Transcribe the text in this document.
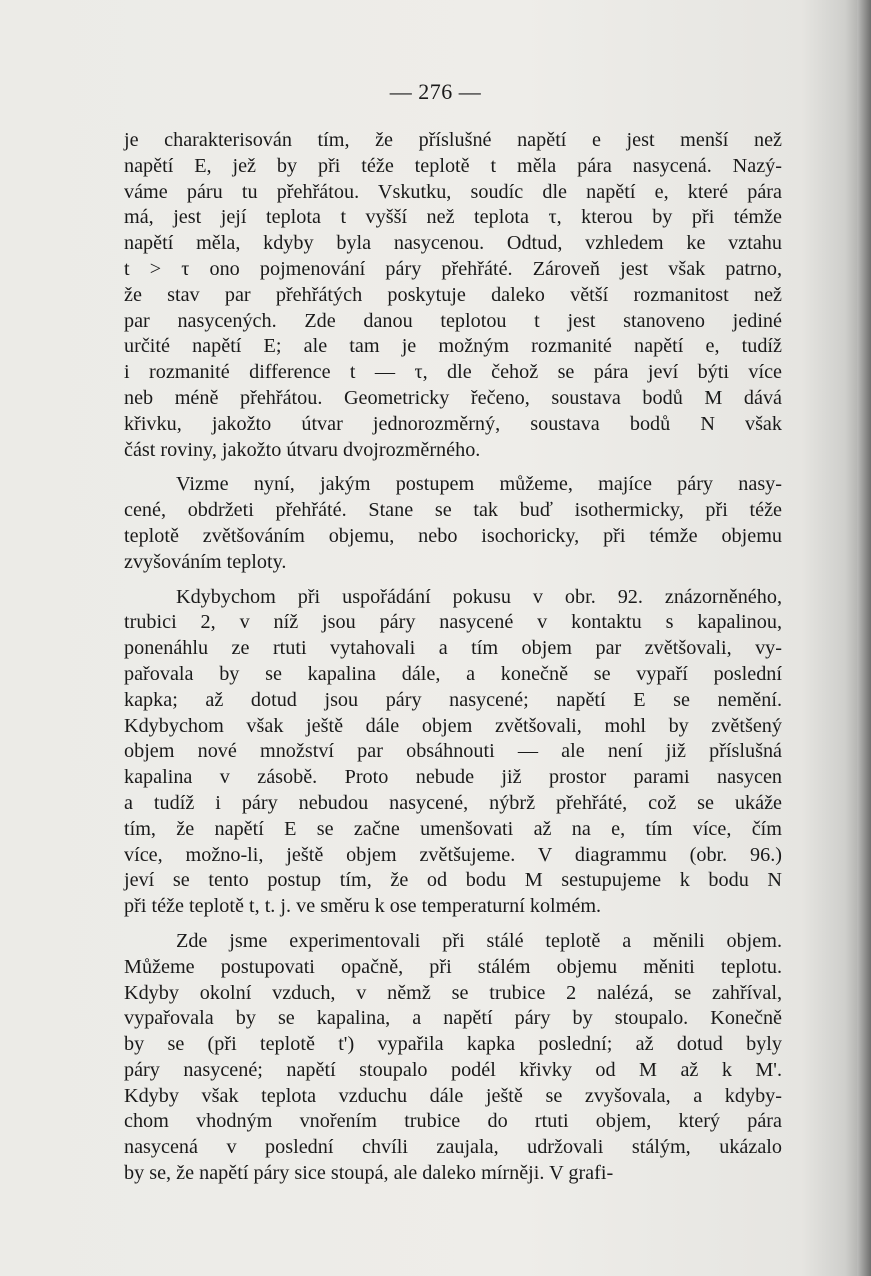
— 276 —

je charakterisován tím, že příslušné napětí e jest menší než
napětí E, jež by při téže teplotě t měla pára nasycená. Nazý-
váme páru tu přehřátou. Vskutku, soudíc dle napětí e, které pára
má, jest její teplota t vyšší než teplota τ, kterou by při témže
napětí měla, kdyby byla nasycenou. Odtud, vzhledem ke vztahu
t > τ ono pojmenování páry přehřáté. Zároveň jest však patrno,
že stav par přehřátých poskytuje daleko větší rozmanitost než
par nasycených. Zde danou teplotou t jest stanoveno jediné
určité napětí E; ale tam je možným rozmanité napětí e, tudíž
i rozmanité difference t — τ, dle čehož se pára jeví býti více
neb méně přehřátou. Geometricky řečeno, soustava bodů M dává
křivku, jakožto útvar jednorozměrný, soustava bodů N však
část roviny, jakožto útvaru dvojrozměrného.

Vizme nyní, jakým postupem můžeme, majíce páry nasy-
cené, obdržeti přehřáté. Stane se tak buď isothermicky, při téže
teplotě zvětšováním objemu, nebo isochoricky, při témže objemu
zvyšováním teploty.

Kdybychom při uspořádání pokusu v obr. 92. znázorněného,
trubici 2, v níž jsou páry nasycené v kontaktu s kapalinou,
ponenáhlu ze rtuti vytahovali a tím objem par zvětšovali, vy-
pařovala by se kapalina dále, a konečně se vypaří poslední
kapka; až dotud jsou páry nasycené; napětí E se nemění.
Kdybychom však ještě dále objem zvětšovali, mohl by zvětšený
objem nové množství par obsáhnouti — ale není již příslušná
kapalina v zásobě. Proto nebude již prostor parami nasycen
a tudíž i páry nebudou nasycené, nýbrž přehřáté, což se ukáže
tím, že napětí E se začne umenšovati až na e, tím více, čím
více, možno-li, ještě objem zvětšujeme. V diagrammu (obr. 96.)
jeví se tento postup tím, že od bodu M sestupujeme k bodu N
při téže teplotě t, t. j. ve směru k ose temperaturní kolmém.

Zde jsme experimentovali při stálé teplotě a měnili objem.
Můžeme postupovati opačně, při stálém objemu měniti teplotu.
Kdyby okolní vzduch, v němž se trubice 2 nalézá, se zahříval,
vypařovala by se kapalina, a napětí páry by stoupalo. Konečně
by se (při teplotě t') vypařila kapka poslední; až dotud byly
páry nasycené; napětí stoupalo podél křivky od M až k M'.
Kdyby však teplota vzduchu dále ještě se zvyšovala, a kdyby-
chom vhodným vnořením trubice do rtuti objem, který pára
nasycená v poslední chvíli zaujala, udržovali stálým, ukázalo
by se, že napětí páry sice stoupá, ale daleko mírněji. V grafi-
